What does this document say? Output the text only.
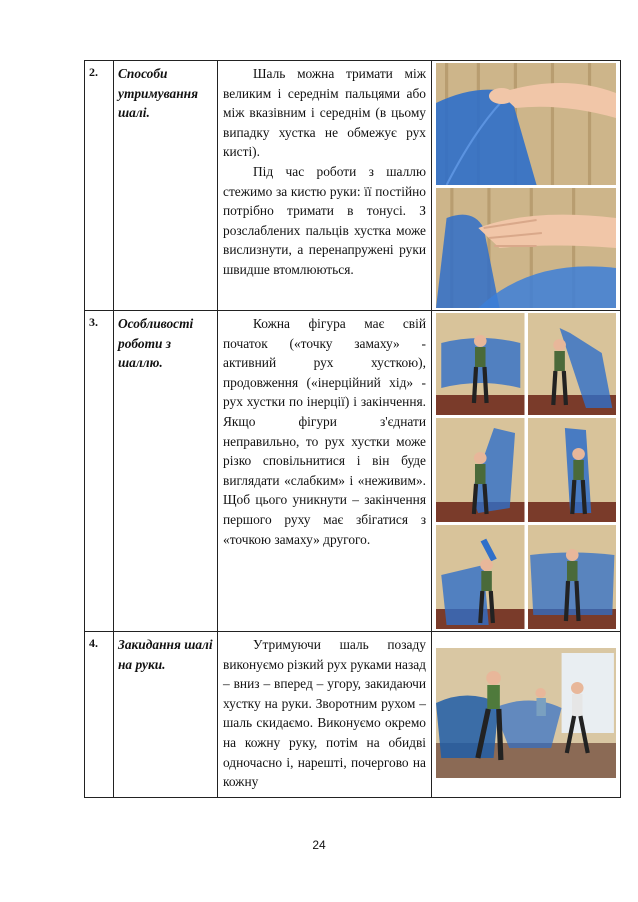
2.	Способи утримування шалі.	Шаль можна тримати між великим і середнім пальцями або між вказівним і середнім (в цьому випадку хустка не обмежує рух кисті).

Під час роботи з шаллю стежимо за кистю руки: її постійно потрібно тримати в тонусі. З розслаблених пальців хустка може вислизнути, а перенапружені руки швидше втомлюються.

3.	Особливості роботи з шаллю.	Кожна фігура має свій початок («точку замаху» - активний рух хусткою), продовження («інерційний хід» - рух хустки по інерції) і закінчення. Якщо фігури з'єднати неправильно, то рух хустки може різко сповільнитися і він буде виглядати «слабким» і «неживим». Щоб цього уникнути – закінчення першого руху має збігатися з «точкою замаху» другого.

4.	Закидання шалі на руки.	Утримуючи шаль позаду виконуємо різкий рух руками назад – вниз – вперед – угору, закидаючи хустку на руки. Зворотним рухом – шаль скидаємо. Виконуємо окремо на кожну руку, потім на обидві одночасно і, нарешті, почергово на кожну

24
